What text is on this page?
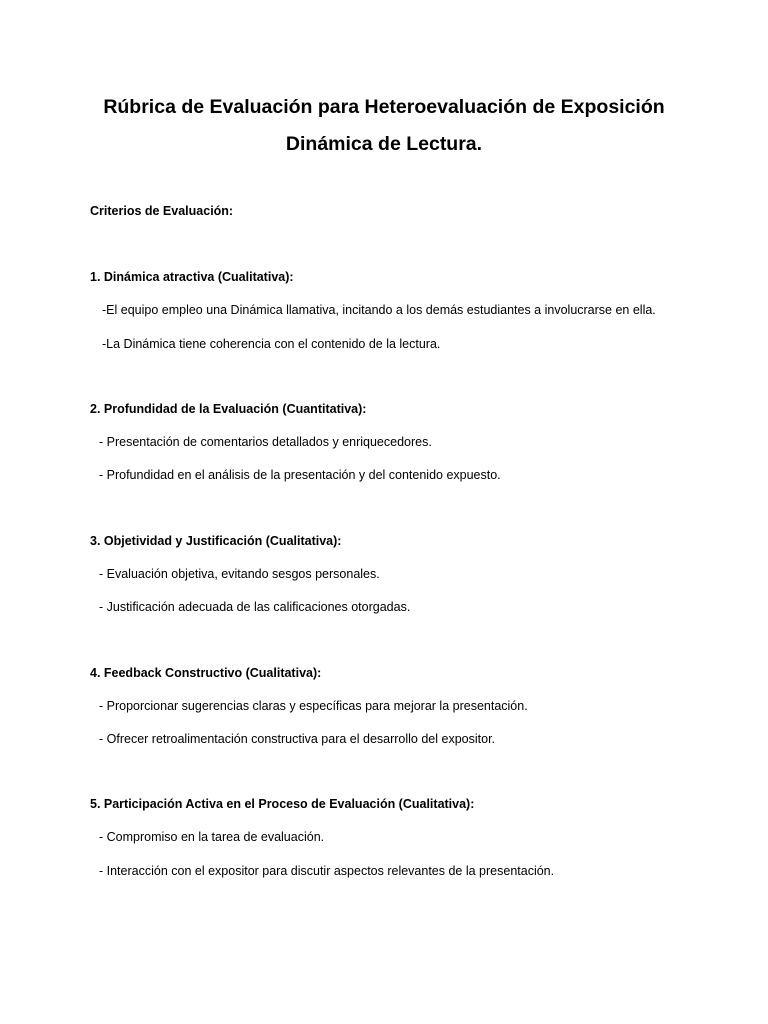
Rúbrica de Evaluación para Heteroevaluación de Exposición
Dinámica de Lectura.

Criterios de Evaluación:

1. Dinámica atractiva (Cualitativa):

-El equipo empleo una Dinámica llamativa, incitando a los demás estudiantes a involucrarse en ella.

-La Dinámica tiene coherencia con el contenido de la lectura.

2. Profundidad de la Evaluación (Cuantitativa):

- Presentación de comentarios detallados y enriquecedores.

- Profundidad en el análisis de la presentación y del contenido expuesto.

3. Objetividad y Justificación (Cualitativa):

- Evaluación objetiva, evitando sesgos personales.

- Justificación adecuada de las calificaciones otorgadas.

4. Feedback Constructivo (Cualitativa):

- Proporcionar sugerencias claras y específicas para mejorar la presentación.

- Ofrecer retroalimentación constructiva para el desarrollo del expositor.

5. Participación Activa en el Proceso de Evaluación (Cualitativa):

- Compromiso en la tarea de evaluación.

- Interacción con el expositor para discutir aspectos relevantes de la presentación.
